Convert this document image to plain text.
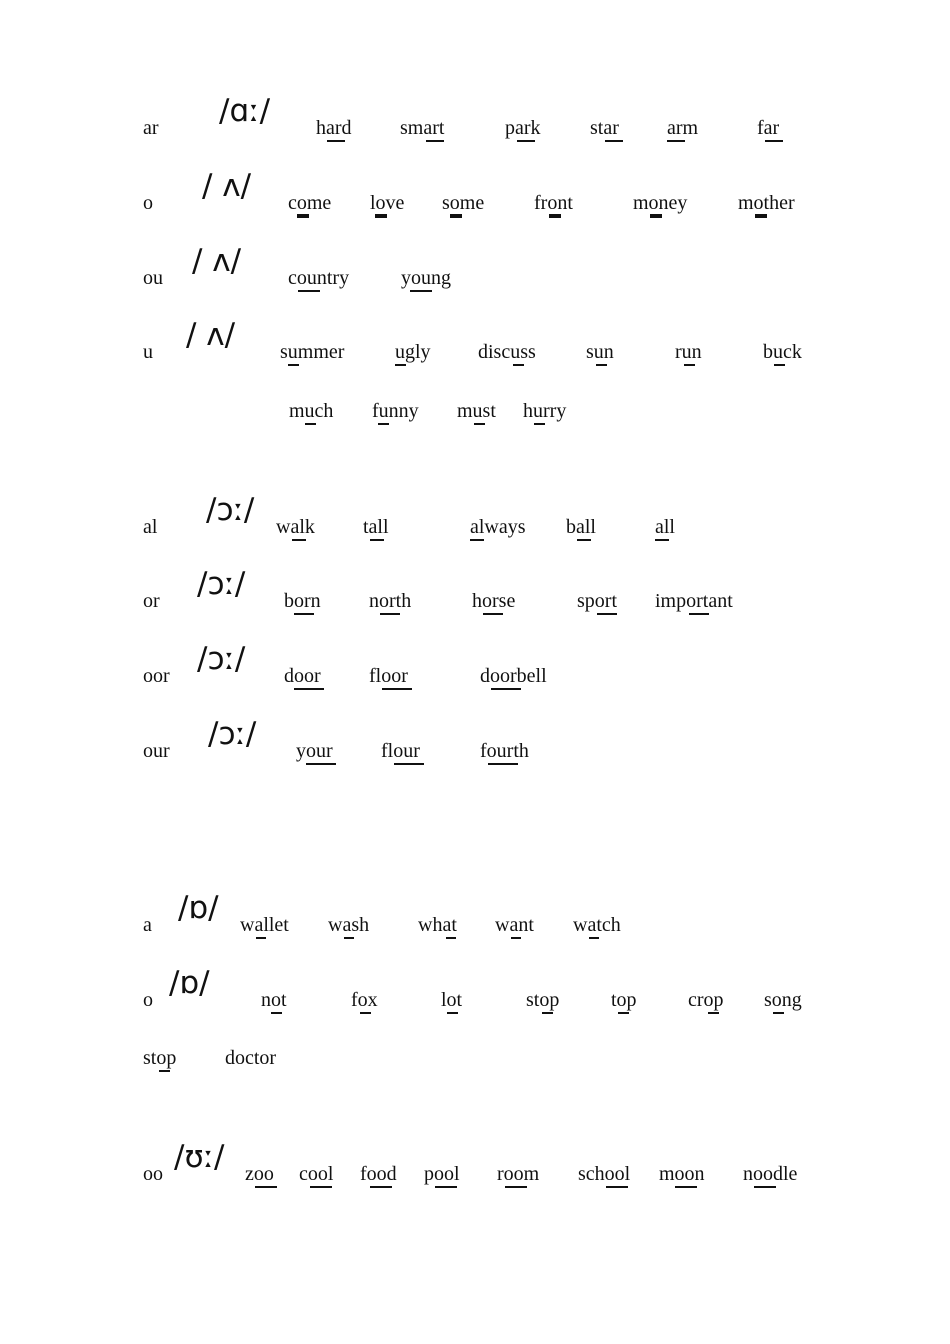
ar /ɑː/ hard smart	park star arm	far
o / ʌ/ come love some front	money	mother
ou / ʌ/ country	young
u / ʌ/ summer	ugly discuss	sun	run	buck
much funny must hurry
al /ɔː/ walk tall	always ball	all
or /ɔː/ born north	horse	sport important
oor /ɔː/ door floor	doorbell
our /ɔː/ your flour	fourth
a /ɒ/ wallet wash what want watch
o /ɒ/	not	fox	lot	stop	top	crop song
stop doctor
oo /ʊː/ zoo cool food pool room school moon noodle
